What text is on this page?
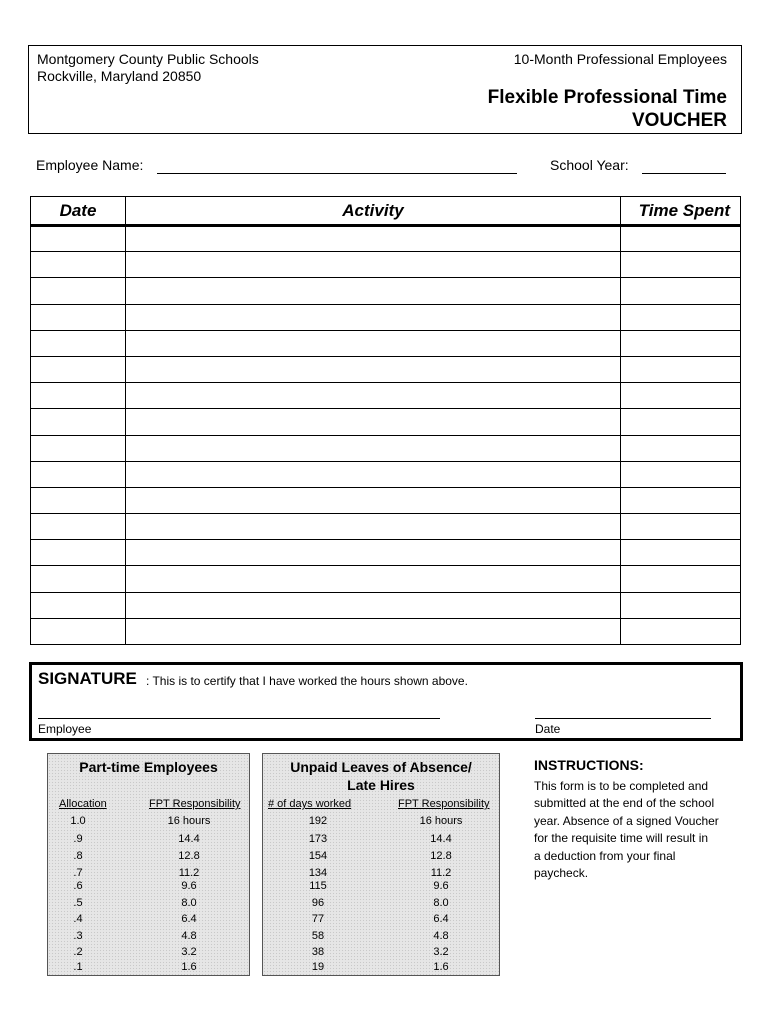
Montgomery County Public Schools
Rockville, Maryland 20850
10-Month Professional Employees
Flexible Professional Time
VOUCHER
Employee Name:	School Year:
Date	Activity	Time Spent

SIGNATURE : This is to certify that I have worked the hours shown above.
Employee	Date
Part-time Employees
Allocation	FPT Responsibility
1.0	16 hours
.9	14.4
.8	12.8
.7	11.2
.6	9.6
.5	8.0
.4	6.4
.3	4.8
.2	3.2
.1	1.6
Unpaid Leaves of Absence/
Late Hires
# of days worked	FPT Responsibility
192	16 hours
173	14.4
154	12.8
134	11.2
115	9.6
96	8.0
77	6.4
58	4.8
38	3.2
19	1.6
INSTRUCTIONS:
This form is to be completed and
submitted at the end of the school
year. Absence of a signed Voucher
for the requisite time will result in
a deduction from your final
paycheck.
